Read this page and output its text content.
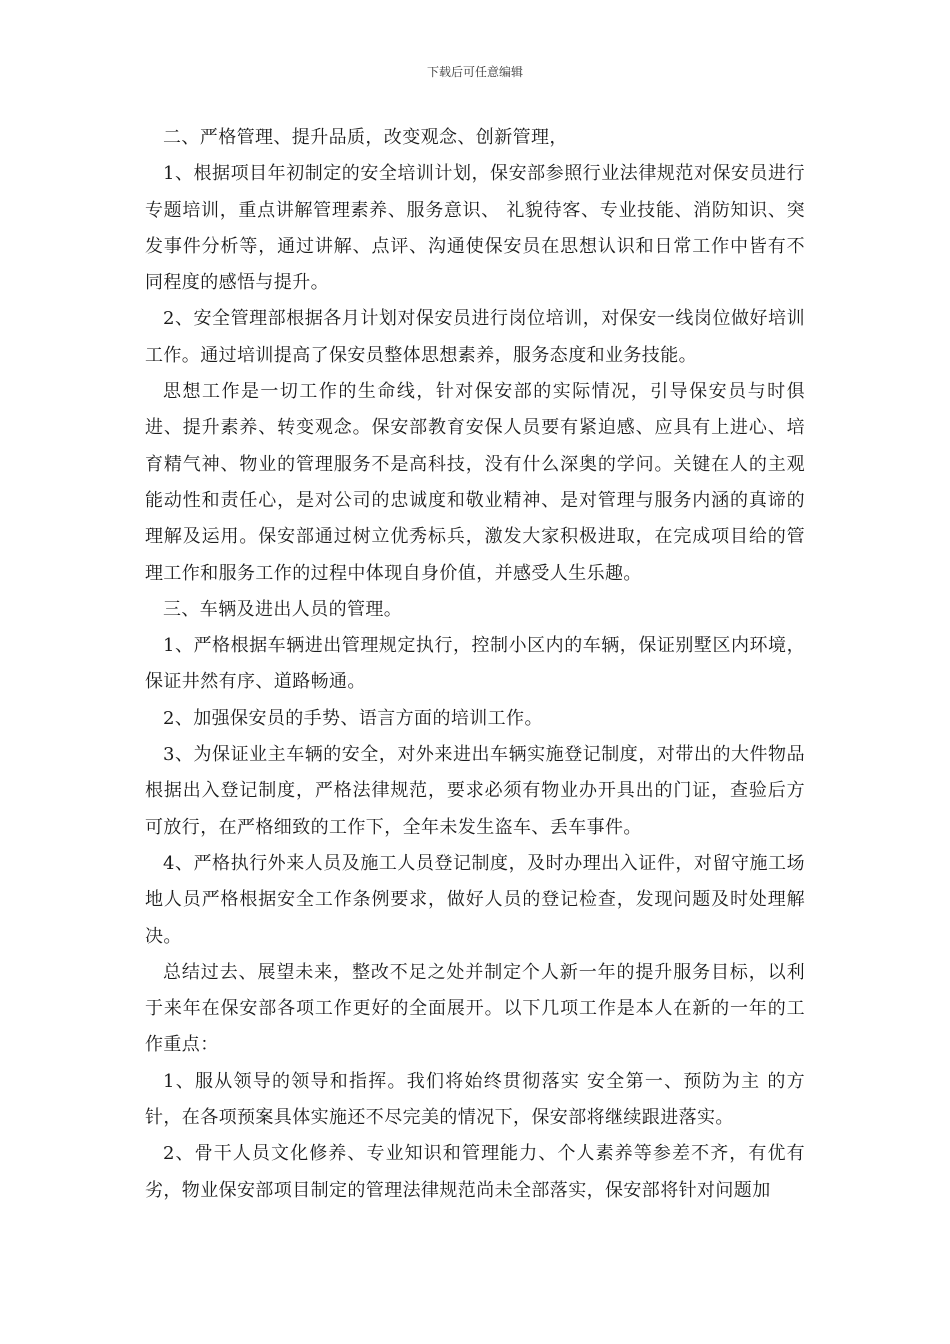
下载后可任意编辑

二、严格管理、提升品质，改变观念、创新管理，

1、根据项目年初制定的安全培训计划，保安部参照行业法律规范对保安员进行专题培训，重点讲解管理素养、服务意识、 礼貌待客、专业技能、消防知识、突发事件分析等，通过讲解、点评、沟通使保安员在思想认识和日常工作中皆有不同程度的感悟与提升。

2、安全管理部根据各月计划对保安员进行岗位培训，对保安一线岗位做好培训工作。通过培训提高了保安员整体思想素养，服务态度和业务技能。

思想工作是一切工作的生命线，针对保安部的实际情况，引导保安员与时俱进、提升素养、转变观念。保安部教育安保人员要有紧迫感、应具有上进心、培育精气神、物业的管理服务不是高科技，没有什么深奥的学问。关键在人的主观能动性和责任心，是对公司的忠诚度和敬业精神、是对管理与服务内涵的真谛的理解及运用。保安部通过树立优秀标兵，激发大家积极进取，在完成项目给的管理工作和服务工作的过程中体现自身价值，并感受人生乐趣。

三、车辆及进出人员的管理。

1、严格根据车辆进出管理规定执行，控制小区内的车辆，保证别墅区内环境，保证井然有序、道路畅通。

2、加强保安员的手势、语言方面的培训工作。

3、为保证业主车辆的安全，对外来进出车辆实施登记制度，对带出的大件物品根据出入登记制度，严格法律规范，要求必须有物业办开具出的门证，查验后方可放行，在严格细致的工作下，全年未发生盗车、丢车事件。

4、严格执行外来人员及施工人员登记制度，及时办理出入证件，对留守施工场地人员严格根据安全工作条例要求，做好人员的登记检查，发现问题及时处理解决。

总结过去、展望未来，整改不足之处并制定个人新一年的提升服务目标，以利于来年在保安部各项工作更好的全面展开。以下几项工作是本人在新的一年的工作重点：

1、服从领导的领导和指挥。我们将始终贯彻落实 安全第一、预防为主 的方针，在各项预案具体实施还不尽完美的情况下，保安部将继续跟进落实。

2、骨干人员文化修养、专业知识和管理能力、个人素养等参差不齐，有优有劣，物业保安部项目制定的管理法律规范尚未全部落实，保安部将针对问题加
